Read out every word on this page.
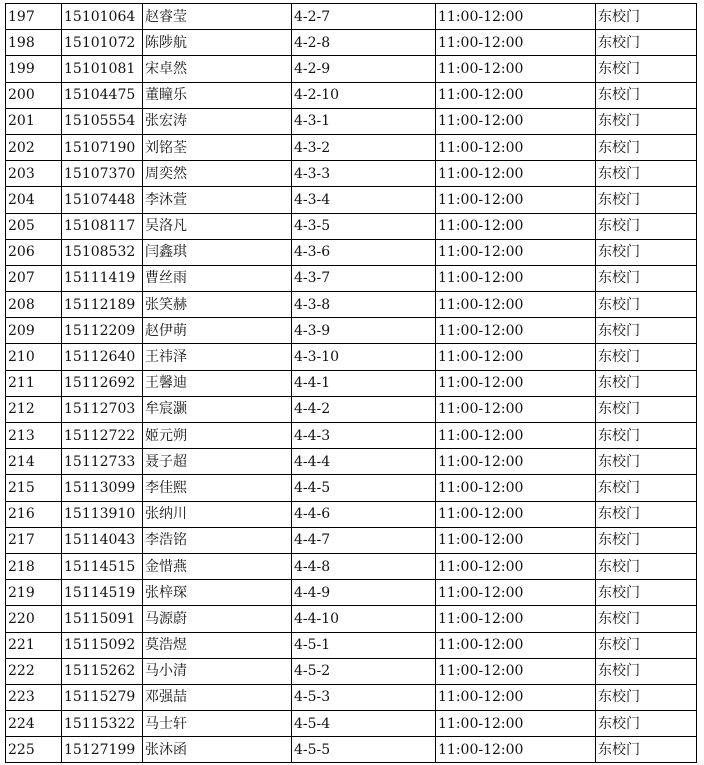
197	15101064	赵睿莹	4-2-7	11:00-12:00	东校门
198	15101072	陈陟航	4-2-8	11:00-12:00	东校门
199	15101081	宋卓然	4-2-9	11:00-12:00	东校门
200	15104475	董瞳乐	4-2-10	11:00-12:00	东校门
201	15105554	张宏涛	4-3-1	11:00-12:00	东校门
202	15107190	刘铭荃	4-3-2	11:00-12:00	东校门
203	15107370	周奕然	4-3-3	11:00-12:00	东校门
204	15107448	李沐萱	4-3-4	11:00-12:00	东校门
205	15108117	吴洛凡	4-3-5	11:00-12:00	东校门
206	15108532	闫鑫琪	4-3-6	11:00-12:00	东校门
207	15111419	曹丝雨	4-3-7	11:00-12:00	东校门
208	15112189	张笑赫	4-3-8	11:00-12:00	东校门
209	15112209	赵伊萌	4-3-9	11:00-12:00	东校门
210	15112640	王祎泽	4-3-10	11:00-12:00	东校门
211	15112692	王馨迪	4-4-1	11:00-12:00	东校门
212	15112703	牟宸灏	4-4-2	11:00-12:00	东校门
213	15112722	姬元朔	4-4-3	11:00-12:00	东校门
214	15112733	聂子超	4-4-4	11:00-12:00	东校门
215	15113099	李佳熙	4-4-5	11:00-12:00	东校门
216	15113910	张纳川	4-4-6	11:00-12:00	东校门
217	15114043	李浩铭	4-4-7	11:00-12:00	东校门
218	15114515	金惜燕	4-4-8	11:00-12:00	东校门
219	15114519	张梓琛	4-4-9	11:00-12:00	东校门
220	15115091	马源蔚	4-4-10	11:00-12:00	东校门
221	15115092	莫浩煜	4-5-1	11:00-12:00	东校门
222	15115262	马小清	4-5-2	11:00-12:00	东校门
223	15115279	邓强喆	4-5-3	11:00-12:00	东校门
224	15115322	马士轩	4-5-4	11:00-12:00	东校门
225	15127199	张沐函	4-5-5	11:00-12:00	东校门
